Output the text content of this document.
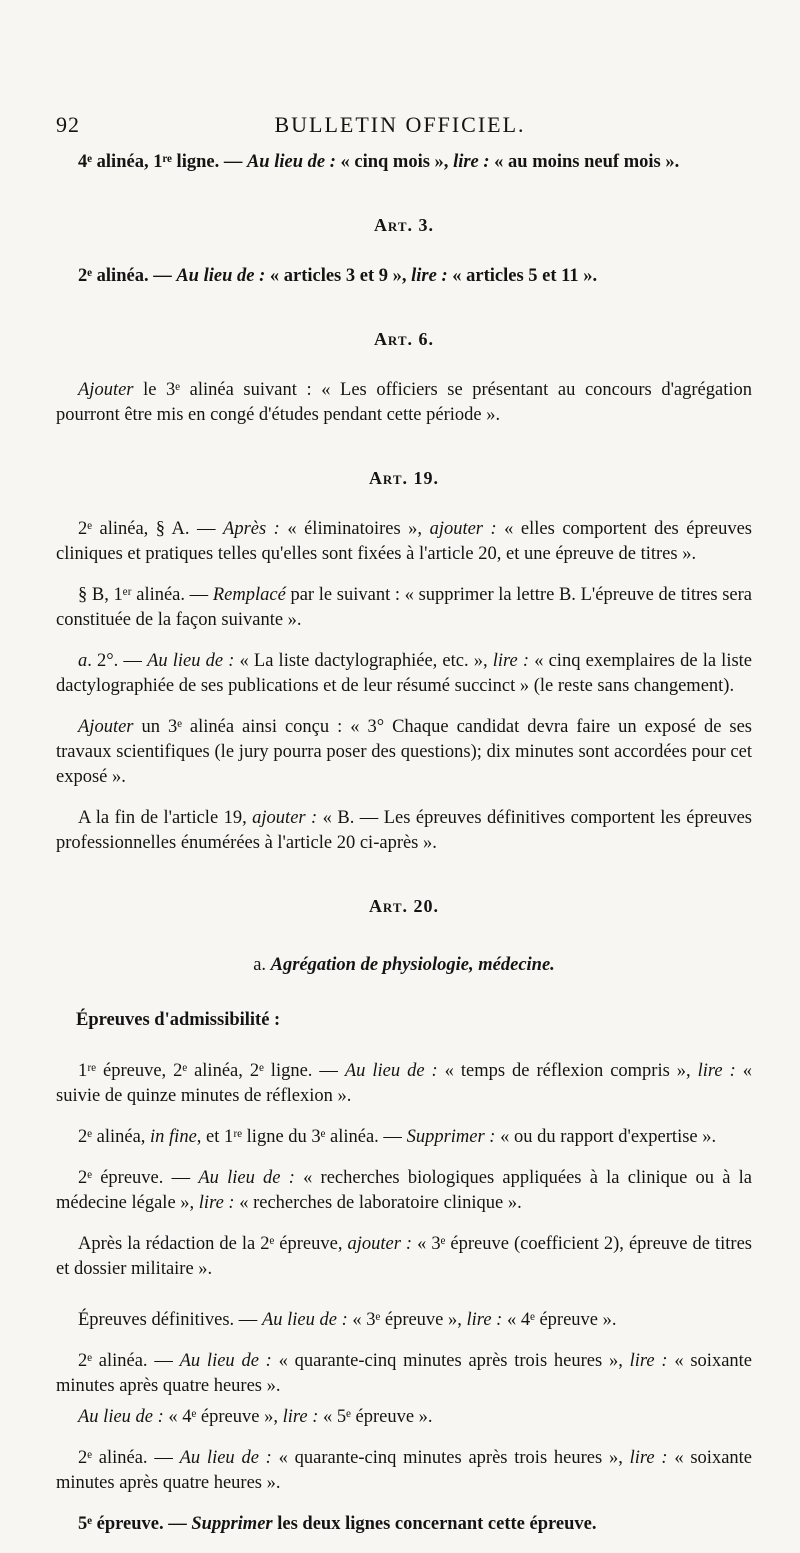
92	BULLETIN OFFICIEL.

4ᵉ alinéa, 1ʳᵉ ligne. — Au lieu de : « cinq mois », lire : « au moins neuf mois ».

Art. 3.

2ᵉ alinéa. — Au lieu de : « articles 3 et 9 », lire : « articles 5 et 11 ».

Art. 6.

Ajouter le 3ᵉ alinéa suivant : « Les officiers se présentant au concours d'agrégation pourront être mis en congé d'études pendant cette période ».

Art. 19.

2ᵉ alinéa, § A. — Après : « éliminatoires », ajouter : « elles comportent des épreuves cliniques et pratiques telles qu'elles sont fixées à l'article 20, et une épreuve de titres ».

§ B, 1ᵉʳ alinéa. — Remplacé par le suivant : « supprimer la lettre B. L'épreuve de titres sera constituée de la façon suivante ».

a. 2°. — Au lieu de : « La liste dactylographiée, etc. », lire : « cinq exemplaires de la liste dactylographiée de ses publications et de leur résumé succinct » (le reste sans changement).

Ajouter un 3ᵉ alinéa ainsi conçu : « 3° Chaque candidat devra faire un exposé de ses travaux scientifiques (le jury pourra poser des questions); dix minutes sont accordées pour cet exposé ».

A la fin de l'article 19, ajouter : « B. — Les épreuves définitives comportent les épreuves professionnelles énumérées à l'article 20 ci-après ».

Art. 20.
a. Agrégation de physiologie, médecine.
Épreuves d'admissibilité :

1ʳᵉ épreuve, 2ᵉ alinéa, 2ᵉ ligne. — Au lieu de : « temps de réflexion compris », lire : « suivie de quinze minutes de réflexion ».

2ᵉ alinéa, in fine, et 1ʳᵉ ligne du 3ᵉ alinéa. — Supprimer : « ou du rapport d'expertise ».

2ᵉ épreuve. — Au lieu de : « recherches biologiques appliquées à la clinique ou à la médecine légale », lire : « recherches de laboratoire clinique ».

Après la rédaction de la 2ᵉ épreuve, ajouter : « 3ᵉ épreuve (coefficient 2), épreuve de titres et dossier militaire ».

Épreuves définitives. — Au lieu de : « 3ᵉ épreuve », lire : « 4ᵉ épreuve ».

2ᵉ alinéa. — Au lieu de : « quarante-cinq minutes après trois heures », lire : « soixante minutes après quatre heures ».

Au lieu de : « 4ᵉ épreuve », lire : « 5ᵉ épreuve ».

2ᵉ alinéa. — Au lieu de : « quarante-cinq minutes après trois heures », lire : « soixante minutes après quatre heures ».

5ᵉ épreuve. — Supprimer les deux lignes concernant cette épreuve.
